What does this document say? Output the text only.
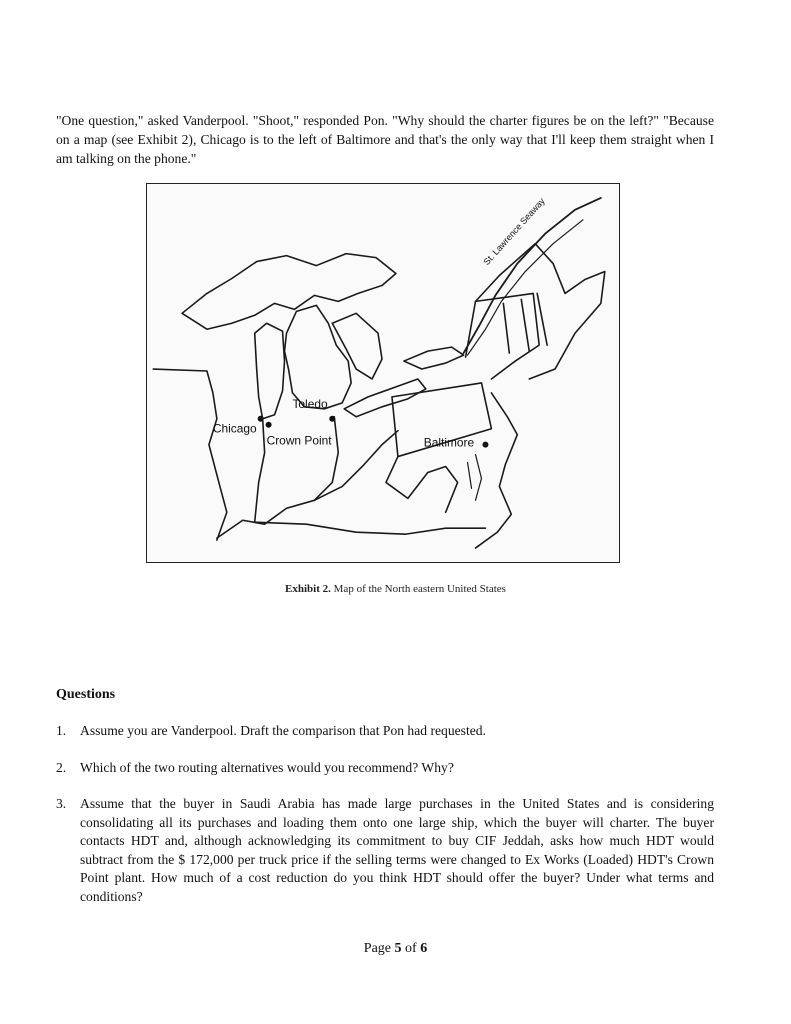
"One question," asked Vanderpool. "Shoot," responded Pon. "Why should the charter figures be on the left?" "Because on a map (see Exhibit 2), Chicago is to the left of Baltimore and that's the only way that I'll keep them straight when I am talking on the phone."

Toledo
Chicago
Crown Point	Baltimore
St. Lawrence Seaway
Exhibit 2. Map of the North eastern United States
Questions
1.	Assume you are Vanderpool. Draft the comparison that Pon had requested.
2.	Which of the two routing alternatives would you recommend? Why?
3.	Assume that the buyer in Saudi Arabia has made large purchases in the United States and is considering consolidating all its purchases and loading them onto one large ship, which the buyer will charter. The buyer contacts HDT and, although acknowledging its commitment to buy CIF Jeddah, asks how much HDT would subtract from the $ 172,000 per truck price if the selling terms were changed to Ex Works (Loaded) HDT's Crown Point plant. How much of a cost reduction do you think HDT should offer the buyer? Under what terms and conditions?
Page 5 of 6
